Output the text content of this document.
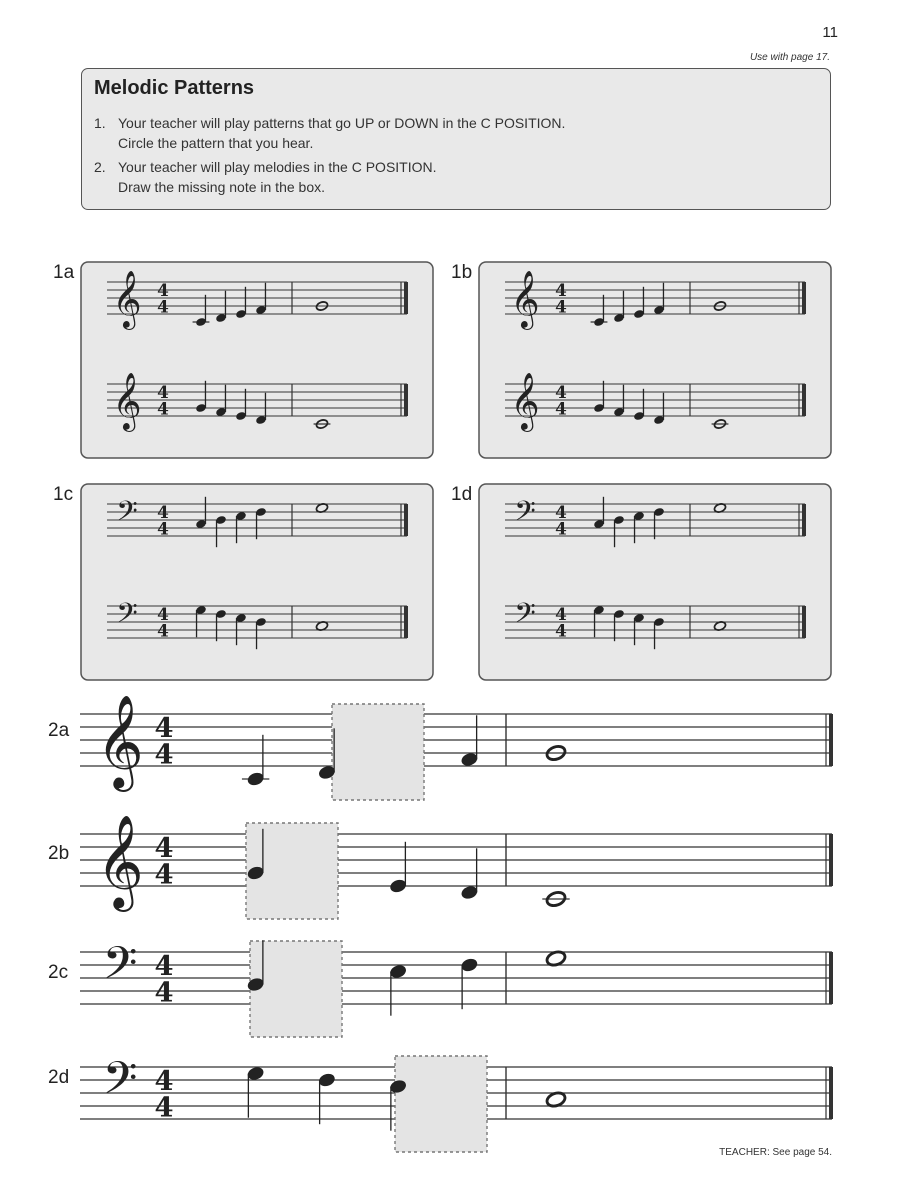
11
Use with page 17.
Melodic Patterns
1. Your teacher will play patterns that go UP or DOWN in the C POSITION.
Circle the pattern that you hear.
2. Your teacher will play melodies in the C POSITION.
Draw the missing note in the box.
𝄞 4
4
𝄞 4
4
𝄞 4
4
𝄞 4
4
𝄢 4
4
𝄢 4
4
𝄢 4
4
𝄢 4
4
𝄞 4
4
𝄞 4
4
𝄢 4
4
𝄢 4
4
1a	1b
1c	1d
2a
2b
2c
2d
TEACHER: See page 54.
